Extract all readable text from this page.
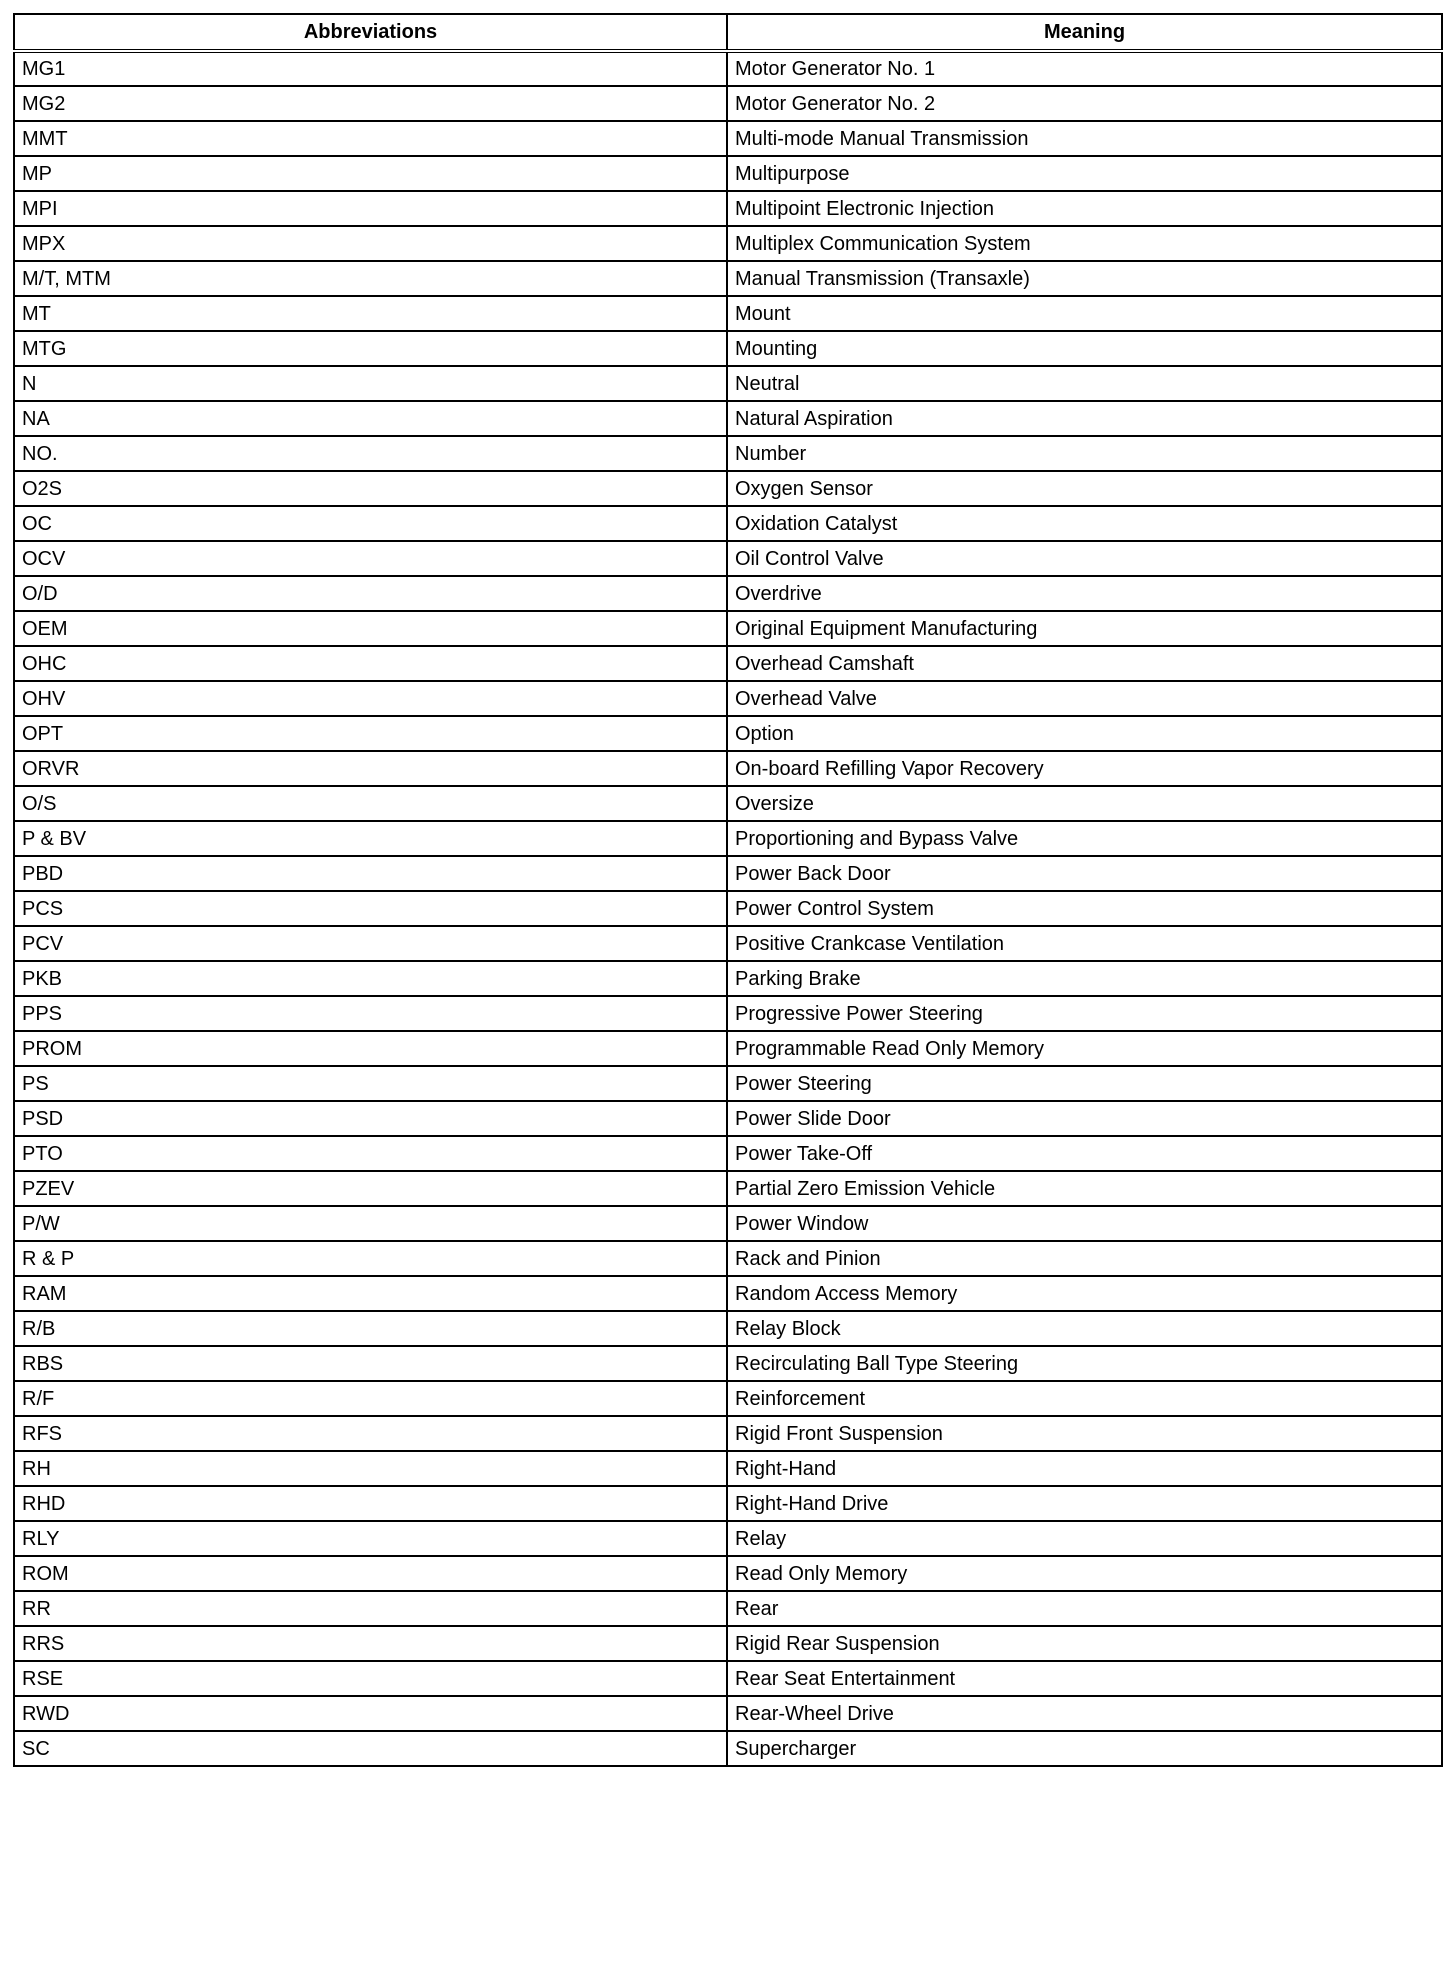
Abbreviations	Meaning
MG1	Motor Generator No. 1
MG2	Motor Generator No. 2
MMT	Multi-mode Manual Transmission
MP	Multipurpose
MPI	Multipoint Electronic Injection
MPX	Multiplex Communication System
M/T, MTM	Manual Transmission (Transaxle)
MT	Mount
MTG	Mounting
N	Neutral
NA	Natural Aspiration
NO.	Number
O2S	Oxygen Sensor
OC	Oxidation Catalyst
OCV	Oil Control Valve
O/D	Overdrive
OEM	Original Equipment Manufacturing
OHC	Overhead Camshaft
OHV	Overhead Valve
OPT	Option
ORVR	On-board Refilling Vapor Recovery
O/S	Oversize
P & BV	Proportioning and Bypass Valve
PBD	Power Back Door
PCS	Power Control System
PCV	Positive Crankcase Ventilation
PKB	Parking Brake
PPS	Progressive Power Steering
PROM	Programmable Read Only Memory
PS	Power Steering
PSD	Power Slide Door
PTO	Power Take-Off
PZEV	Partial Zero Emission Vehicle
P/W	Power Window
R & P	Rack and Pinion
RAM	Random Access Memory
R/B	Relay Block
RBS	Recirculating Ball Type Steering
R/F	Reinforcement
RFS	Rigid Front Suspension
RH	Right-Hand
RHD	Right-Hand Drive
RLY	Relay
ROM	Read Only Memory
RR	Rear
RRS	Rigid Rear Suspension
RSE	Rear Seat Entertainment
RWD	Rear-Wheel Drive
SC	Supercharger
